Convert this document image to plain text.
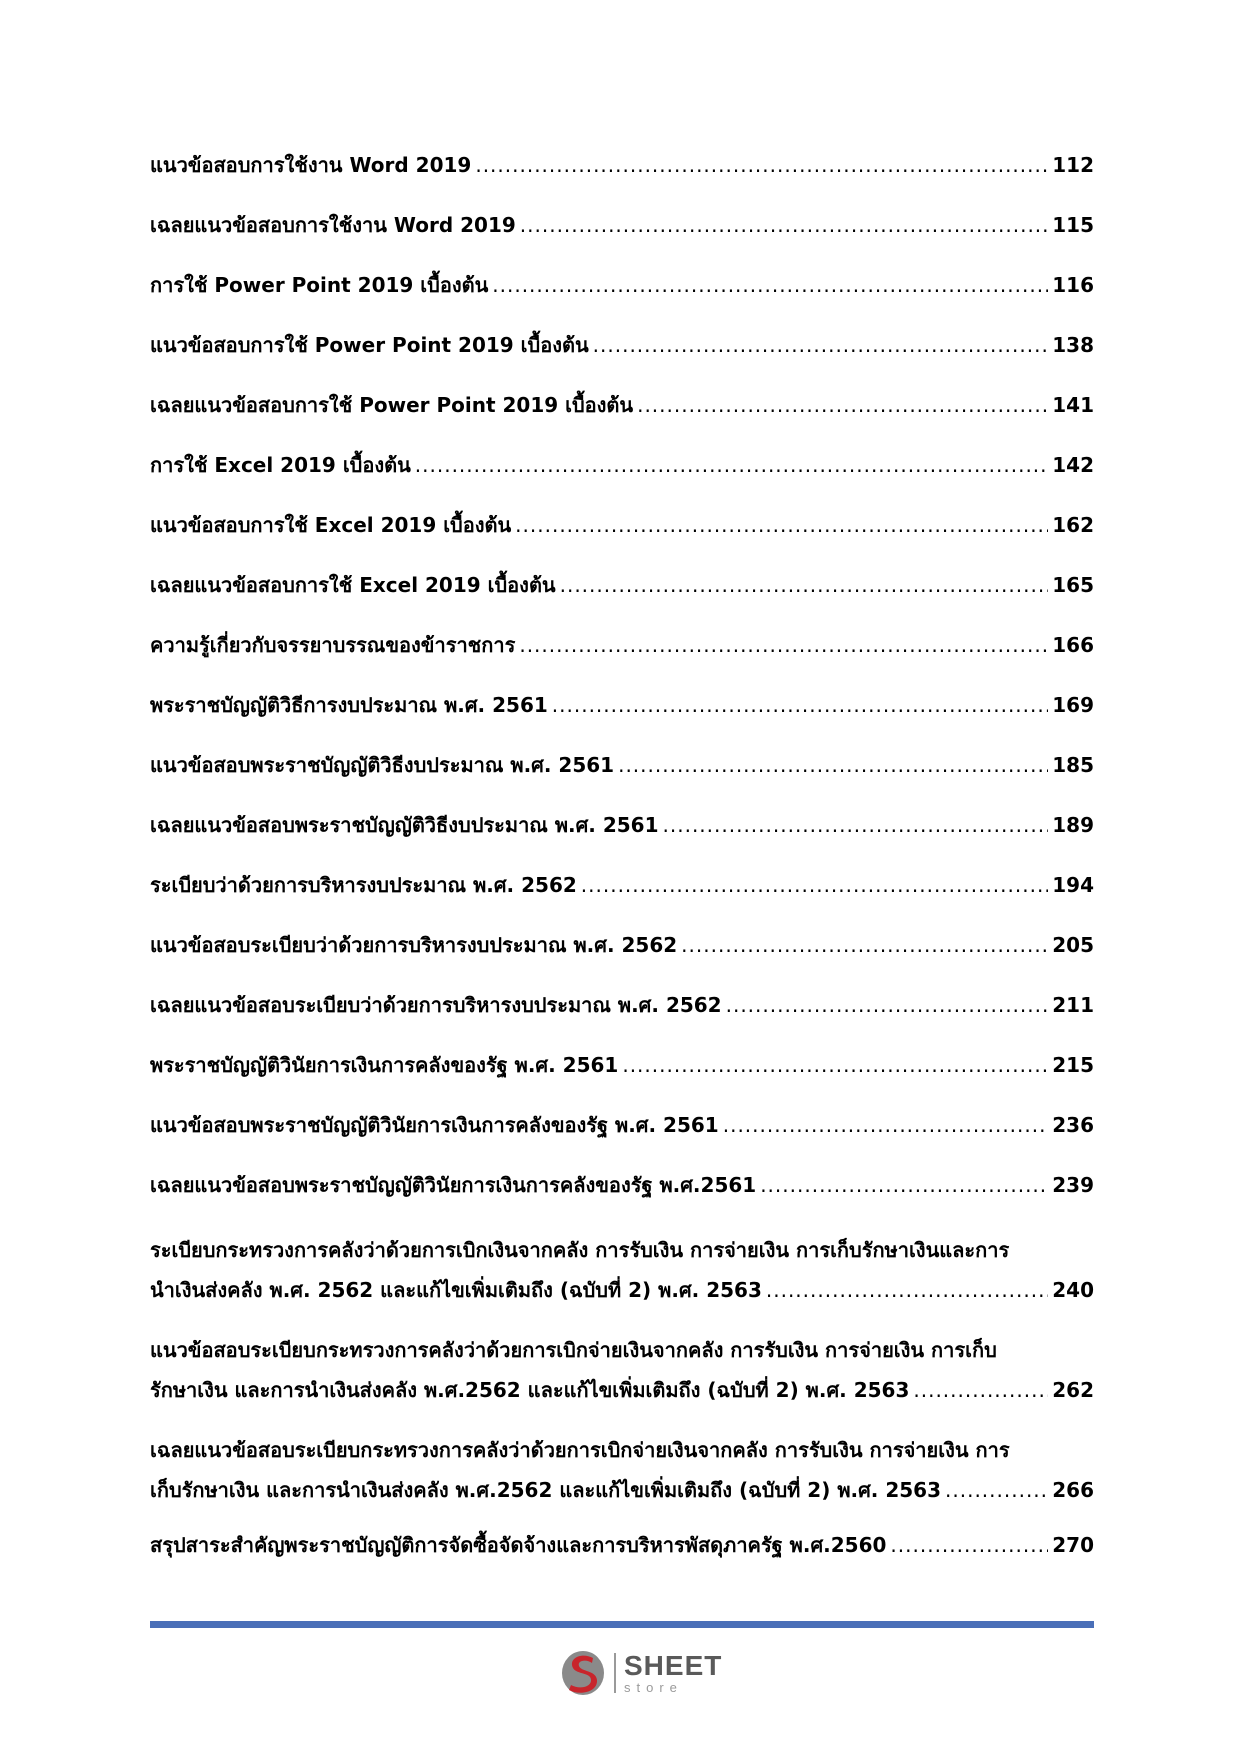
แนวข้อสอบการใช้งาน Word 2019 .....	112
เฉลยแนวข้อสอบการใช้งาน Word 2019 .....	115
การใช้ Power Point 2019 เบื้องต้น .....	116
แนวข้อสอบการใช้ Power Point 2019 เบื้องต้น .....	138
เฉลยแนวข้อสอบการใช้ Power Point 2019 เบื้องต้น .....	141
การใช้ Excel 2019 เบื้องต้น .....	142
แนวข้อสอบการใช้ Excel 2019 เบื้องต้น .....	162
เฉลยแนวข้อสอบการใช้ Excel 2019 เบื้องต้น .....	165
ความรู้เกี่ยวกับจรรยาบรรณของข้าราชการ .....	166
พระราชบัญญัติวิธีการงบประมาณ พ.ศ. 2561 .....	169
แนวข้อสอบพระราชบัญญัติวิธีงบประมาณ พ.ศ. 2561 .....	185
เฉลยแนวข้อสอบพระราชบัญญัติวิธีงบประมาณ พ.ศ. 2561 .....	189
ระเบียบว่าด้วยการบริหารงบประมาณ พ.ศ. 2562 .....	194
แนวข้อสอบระเบียบว่าด้วยการบริหารงบประมาณ พ.ศ. 2562 .....	205
เฉลยแนวข้อสอบระเบียบว่าด้วยการบริหารงบประมาณ พ.ศ. 2562 .....	211
พระราชบัญญัติวินัยการเงินการคลังของรัฐ พ.ศ. 2561 .....	215
แนวข้อสอบพระราชบัญญัติวินัยการเงินการคลังของรัฐ พ.ศ. 2561 .....	236
เฉลยแนวข้อสอบพระราชบัญญัติวินัยการเงินการคลังของรัฐ พ.ศ.2561 .....	239
ระเบียบกระทรวงการคลังว่าด้วยการเบิกเงินจากคลัง การรับเงิน การจ่ายเงิน การเก็บรักษาเงินและการ
นำเงินส่งคลัง พ.ศ. 2562 และแก้ไขเพิ่มเติมถึง (ฉบับที่ 2) พ.ศ. 2563 .....	240
แนวข้อสอบระเบียบกระทรวงการคลังว่าด้วยการเบิกจ่ายเงินจากคลัง การรับเงิน การจ่ายเงิน การเก็บ
รักษาเงิน และการนำเงินส่งคลัง พ.ศ.2562 และแก้ไขเพิ่มเติมถึง (ฉบับที่ 2) พ.ศ. 2563 .....	262
เฉลยแนวข้อสอบระเบียบกระทรวงการคลังว่าด้วยการเบิกจ่ายเงินจากคลัง การรับเงิน การจ่ายเงิน การ
เก็บรักษาเงิน และการนำเงินส่งคลัง พ.ศ.2562 และแก้ไขเพิ่มเติมถึง (ฉบับที่ 2) พ.ศ. 2563 .....	266
สรุปสาระสำคัญพระราชบัญญัติการจัดซื้อจัดจ้างและการบริหารพัสดุภาครัฐ พ.ศ.2560 .....	270
SHEET
store
